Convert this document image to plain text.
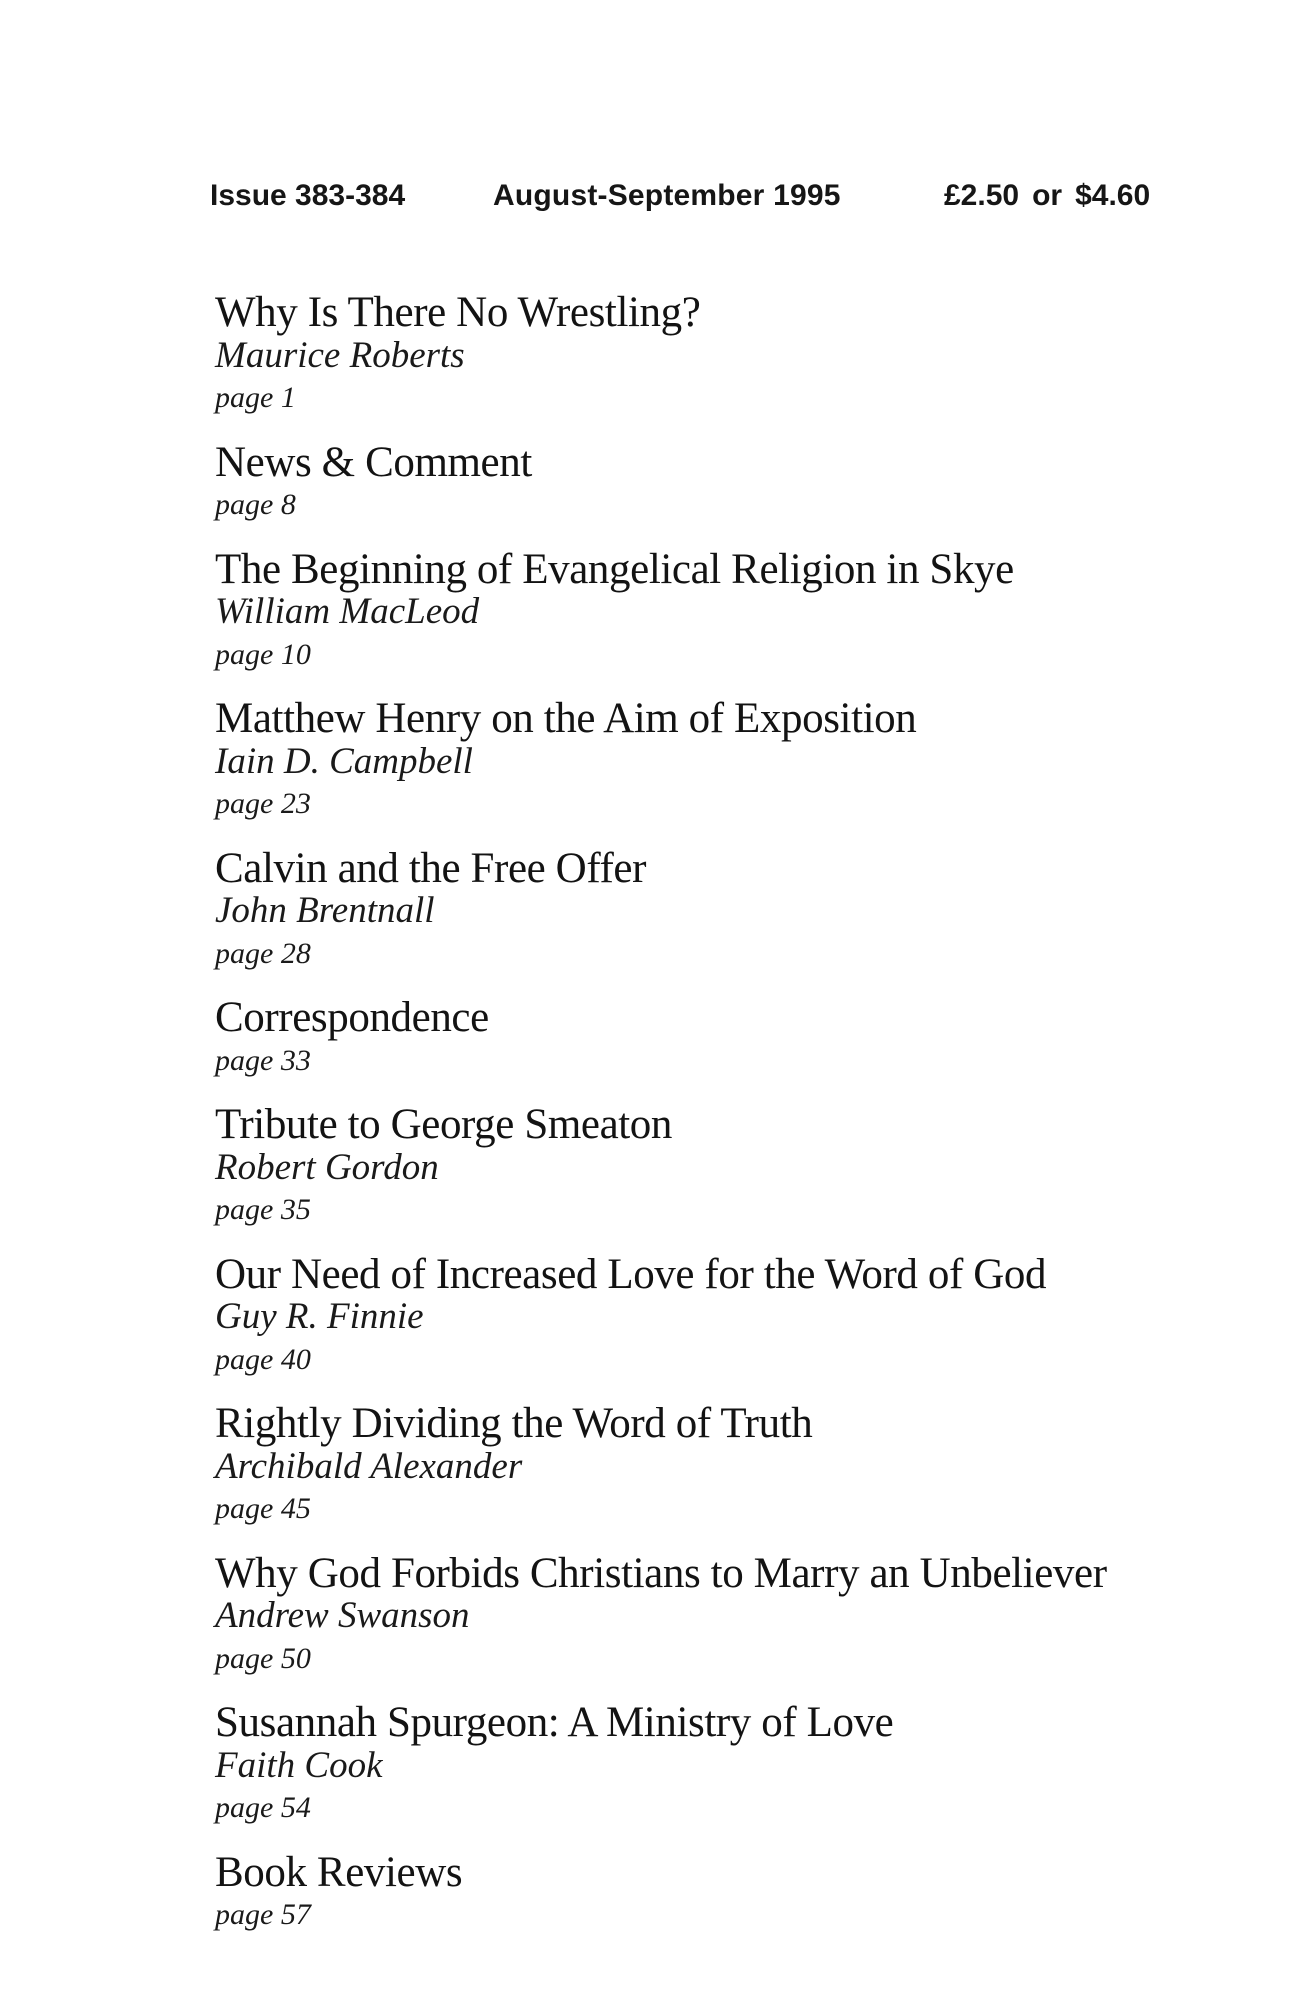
Issue 383-384	August-September 1995	£2.50 or $4.60
Why Is There No Wrestling?
Maurice Roberts
page 1
News & Comment
page 8
The Beginning of Evangelical Religion in Skye
William MacLeod
page 10
Matthew Henry on the Aim of Exposition
Iain D. Campbell
page 23
Calvin and the Free Offer
John Brentnall
page 28
Correspondence
page 33
Tribute to George Smeaton
Robert Gordon
page 35
Our Need of Increased Love for the Word of God
Guy R. Finnie
page 40
Rightly Dividing the Word of Truth
Archibald Alexander
page 45
Why God Forbids Christians to Marry an Unbeliever
Andrew Swanson
page 50
Susannah Spurgeon: A Ministry of Love
Faith Cook
page 54
Book Reviews
page 57
